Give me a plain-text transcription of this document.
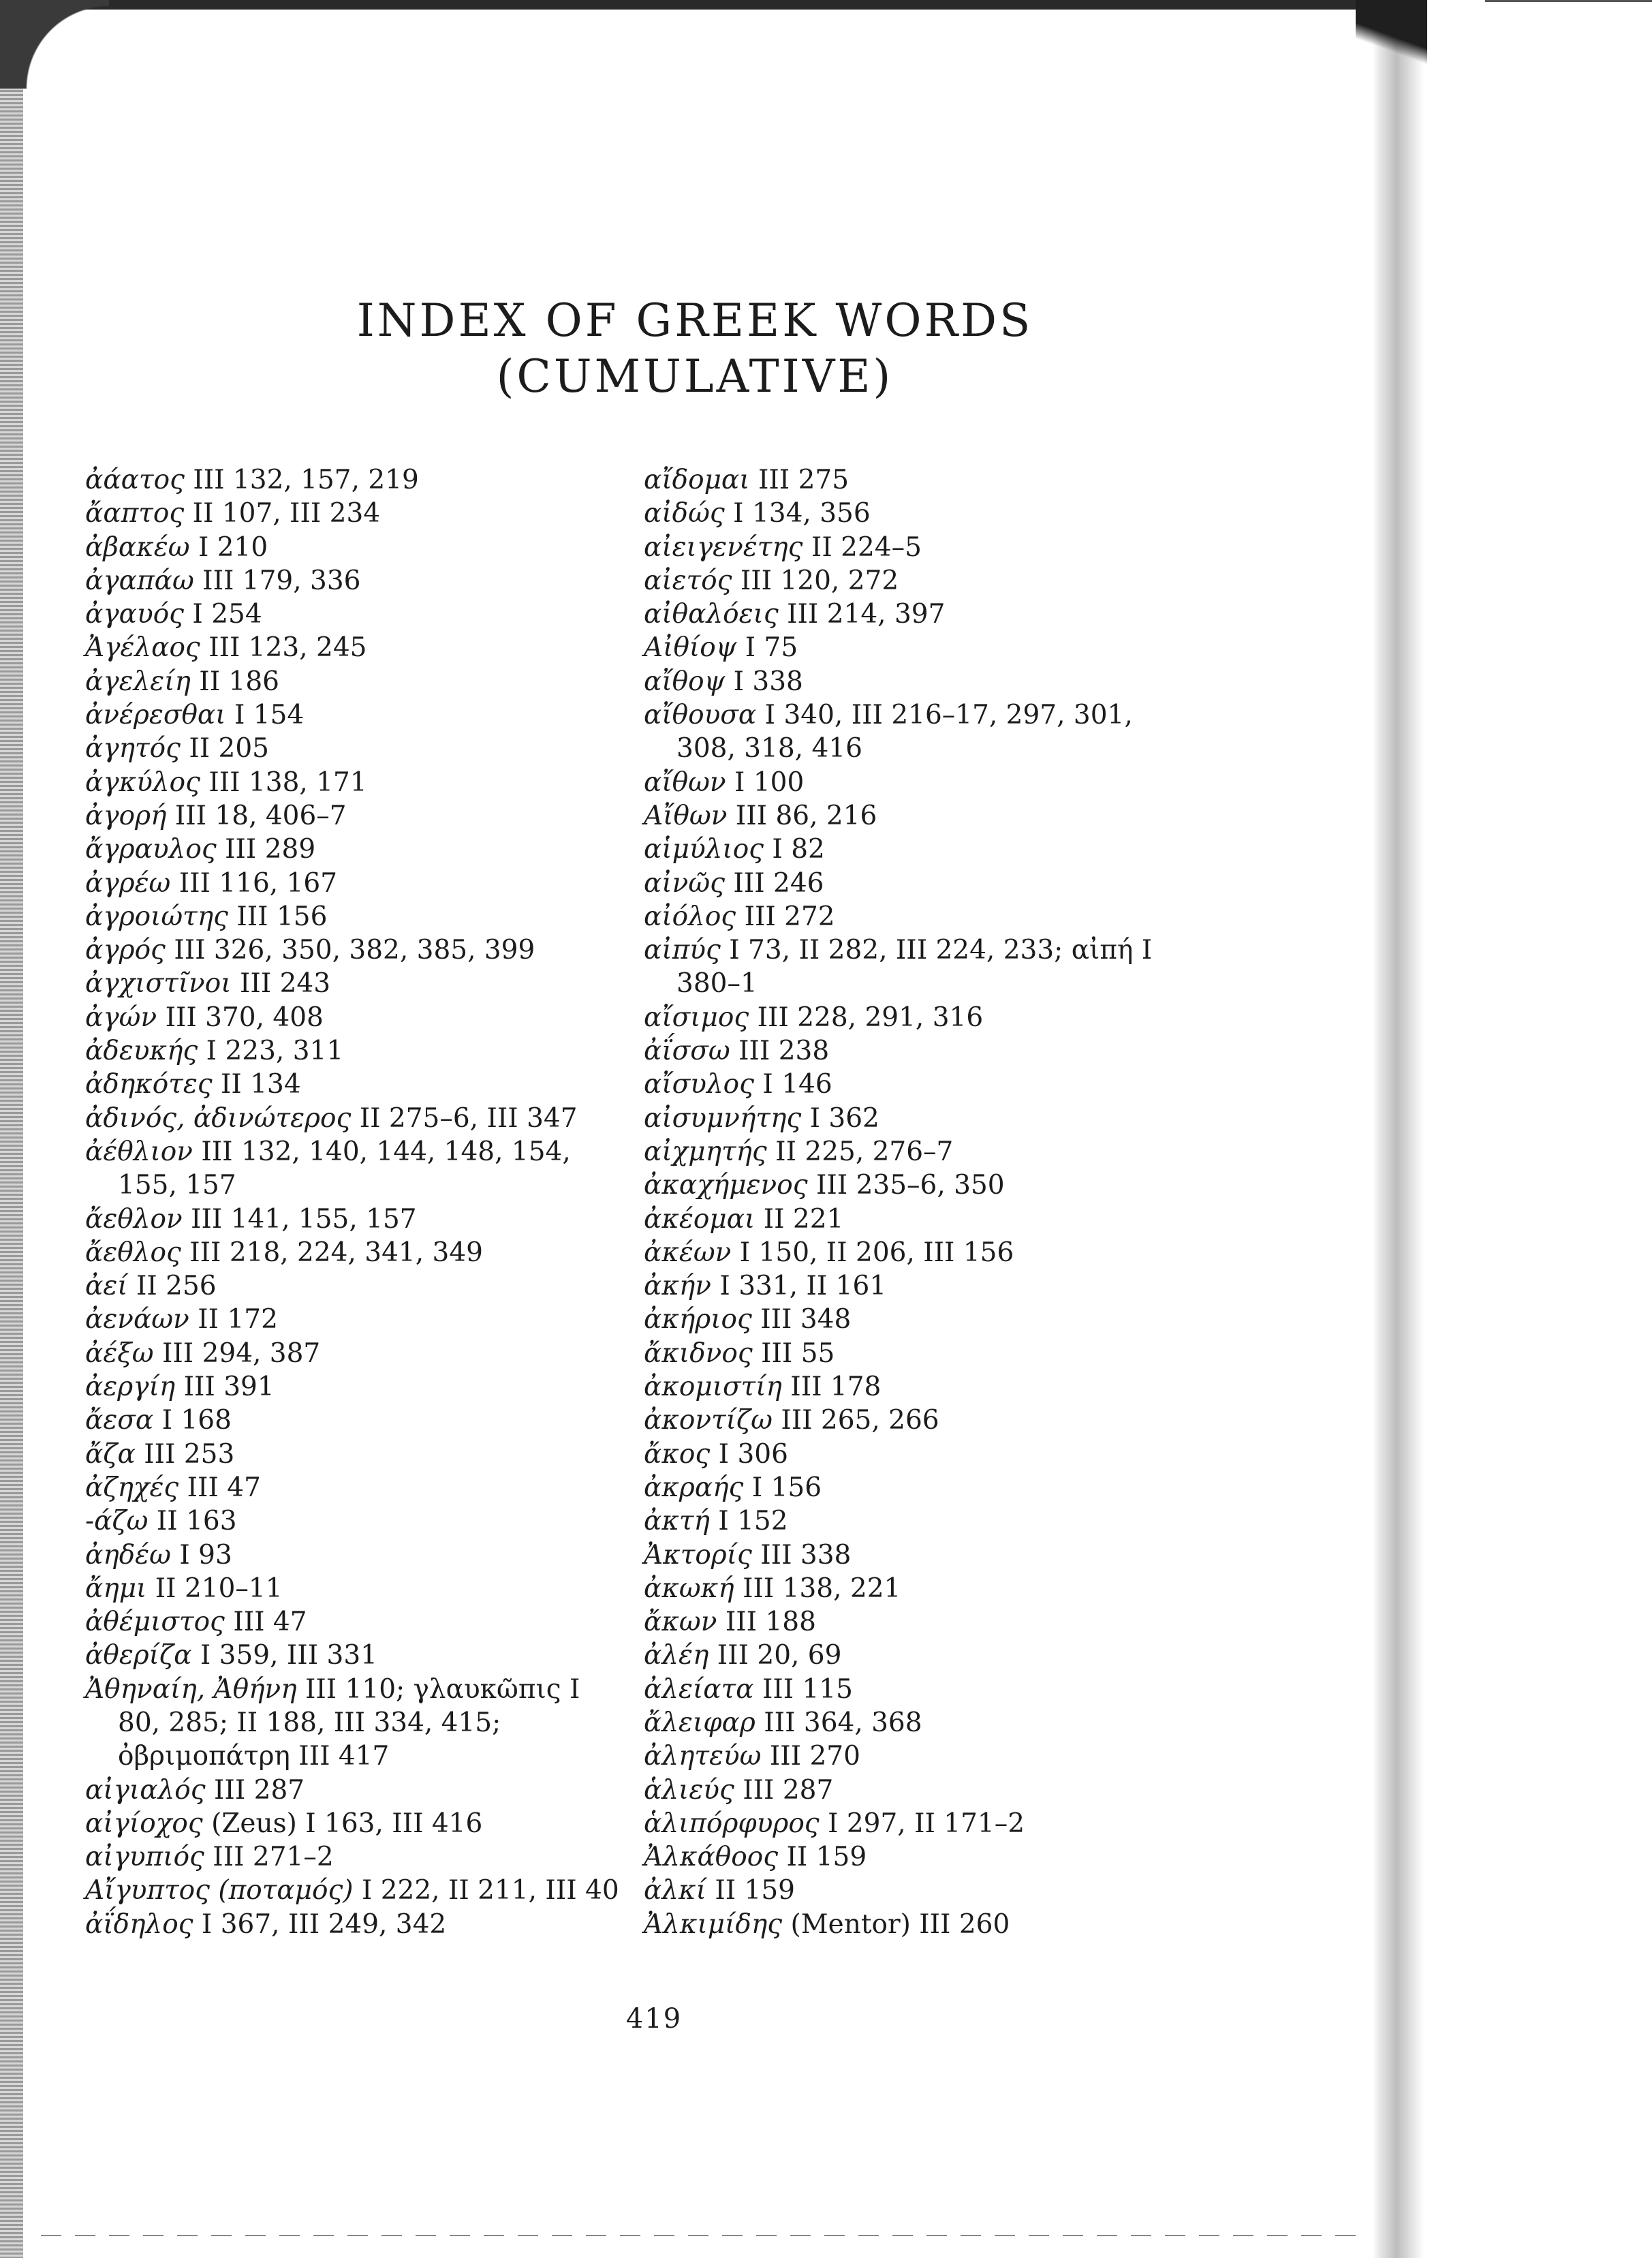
INDEX OF GREEK WORDS
(CUMULATIVE)
ἀάατος III 132, 157, 219
ἄαπτος II 107, III 234
ἀβακέω I 210
ἀγαπάω III 179, 336
ἀγαυός I 254
Ἀγέλαος III 123, 245
ἀγελείη II 186
ἀνέρεσθαι I 154
ἀγητός II 205
ἀγκύλος III 138, 171
ἀγορή III 18, 406–7
ἄγραυλος III 289
ἀγρέω III 116, 167
ἀγροιώτης III 156
ἀγρός III 326, 350, 382, 385, 399
ἀγχιστῖνοι III 243
ἀγών III 370, 408
ἀδευκής I 223, 311
ἀδηκότες II 134
ἀδινός, ἀδινώτερος II 275–6, III 347
ἀέθλιον III 132, 140, 144, 148, 154, 155, 157
ἄεθλον III 141, 155, 157
ἄεθλος III 218, 224, 341, 349
ἀεί II 256
ἀενάων II 172
ἀέξω III 294, 387
ἀεργίη III 391
ἄεσα I 168
ἄζα III 253
ἀζηχές III 47
-άζω II 163
ἀηδέω I 93
ἄημι II 210–11
ἀθέμιστος III 47
ἀθερίζα I 359, III 331
Ἀθηναίη, Ἀθήνη III 110; γλαυκῶπις I 80, 285; II 188, III 334, 415; ὀβριμοπάτρη III 417
αἰγιαλός III 287
αἰγίοχος (Zeus) I 163, III 416
αἰγυπιός III 271–2
Αἴγυπτος (ποταμός) I 222, II 211, III 40
ἀΐδηλος I 367, III 249, 342
αἴδομαι III 275
αἰδώς I 134, 356
αἰειγενέτης II 224–5
αἰετός III 120, 272
αἰθαλόεις III 214, 397
Αἰθίοψ I 75
αἴθοψ I 338
αἴθουσα I 340, III 216–17, 297, 301, 308, 318, 416
αἴθων I 100
Αἴθων III 86, 216
αἱμύλιος I 82
αἰνῶς III 246
αἰόλος III 272
αἰπύς I 73, II 282, III 224, 233; αἰπή I 380–1
αἴσιμος III 228, 291, 316
ἀΐσσω III 238
αἴσυλος I 146
αἰσυμνήτης I 362
αἰχμητής II 225, 276–7
ἀκαχήμενος III 235–6, 350
ἀκέομαι II 221
ἀκέων I 150, II 206, III 156
ἀκήν I 331, II 161
ἀκήριος III 348
ἄκιδνος III 55
ἀκομιστίη III 178
ἀκοντίζω III 265, 266
ἄκος I 306
ἀκραής I 156
ἀκτή I 152
Ἀκτορίς III 338
ἀκωκή III 138, 221
ἄκων III 188
ἀλέη III 20, 69
ἀλείατα III 115
ἄλειφαρ III 364, 368
ἀλητεύω III 270
ἁλιεύς III 287
ἁλιπόρφυρος I 297, II 171–2
Ἀλκάθοος II 159
ἀλκί II 159
Ἀλκιμίδης (Mentor) III 260
419
